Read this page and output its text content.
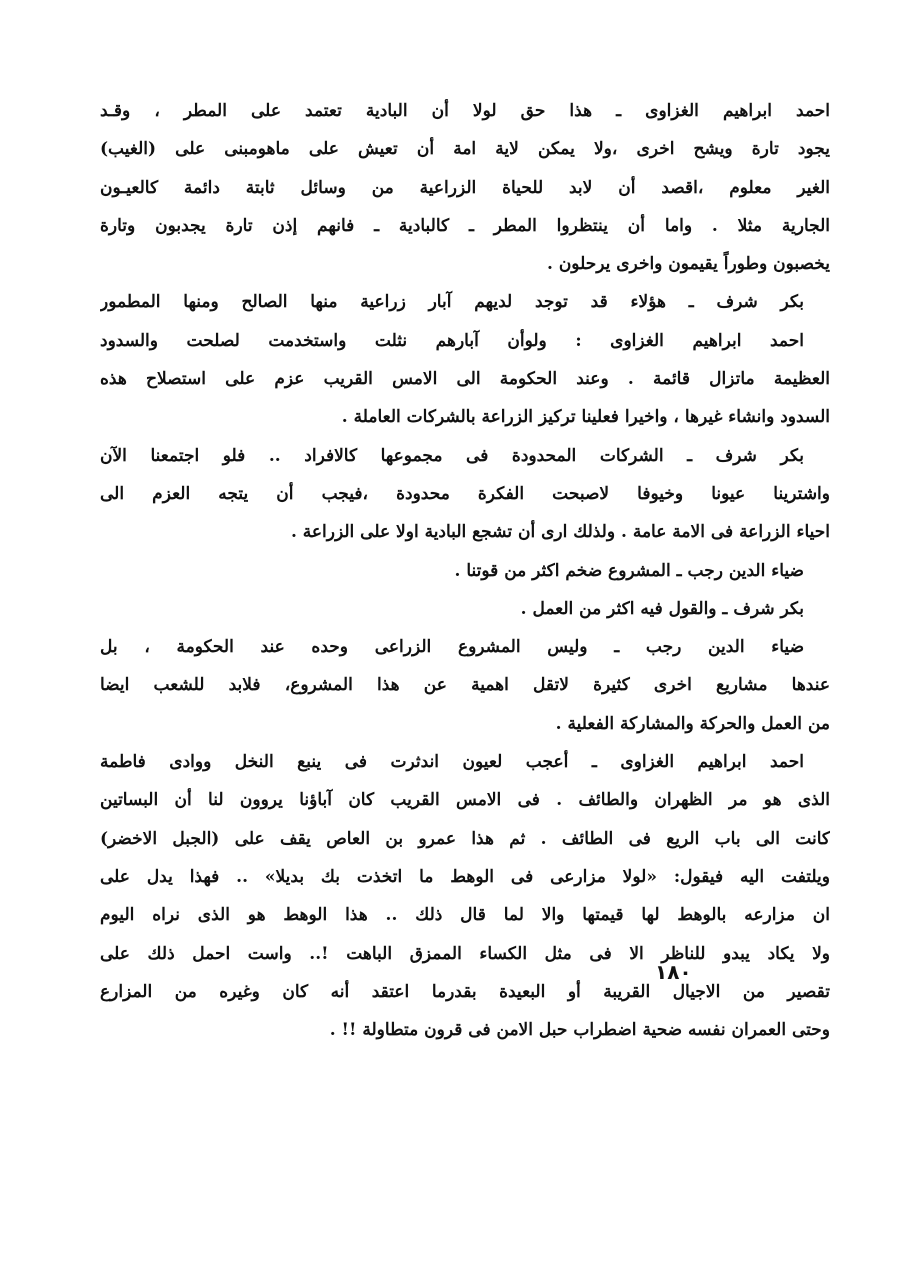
احمد ابراهيم الغزاوى ـ هذا حق لولا أن البادية تعتمد على المطر ، وقـد
يجود تارة ويشح اخرى ،ولا يمكن لاية امة أن تعيش على ماهومبنى على (الغيب)
الغير معلوم ،اقصد أن لابد للحياة الزراعية من وسائل ثابتة دائمة كالعيـون
الجارية مثلا . واما أن ينتظروا المطر ـ كالبادية ـ فانهم إذن تارة يجدبون وتارة
يخصبون وطوراً يقيمون واخرى يرحلون .
بكر شرف ـ هؤلاء قد توجد لديهم آبار زراعية منها الصالح ومنها المطمور
احمد ابراهيم الغزاوى : ولوأن آبارهم نثلت واستخدمت لصلحت والسدود
العظيمة ماتزال قائمة . وعند الحكومة الى الامس القريب عزم على استصلاح هذه
السدود وانشاء غيرها ، واخيرا فعلينا تركيز الزراعة بالشركات العاملة .
بكر شرف ـ الشركات المحدودة فى مجموعها كالافراد .. فلو اجتمعنا الآن
واشترينا عيونا وخيوفا لاصبحت الفكرة محدودة ،فيجب أن يتجه العزم الى
احياء الزراعة فى الامة عامة . ولذلك ارى أن تشجع البادية اولا على الزراعة .
ضياء الدين رجب ـ المشروع ضخم اكثر من قوتنا .
بكر شرف ـ والقول فيه اكثر من العمل .
ضياء الدين رجب ـ وليس المشروع الزراعى وحده عند الحكومة ، بل
عندها مشاريع اخرى كثيرة لاتقل اهمية عن هذا المشروع، فلابد للشعب ايضا
من العمل والحركة والمشاركة الفعلية .
احمد ابراهيم الغزاوى ـ أعجب لعيون اندثرت فى ينبع النخل ووادى فاطمة
الذى هو مر الظهران والطائف . فى الامس القريب كان آباؤنا يروون لنا أن البساتين
كانت الى باب الريع فى الطائف . ثم هذا عمرو بن العاص يقف على (الجبل الاخضر)
ويلتفت اليه فيقول: «لولا مزارعى فى الوهط ما اتخذت بك بديلا» .. فهذا يدل على
ان مزارعه بالوهط لها قيمتها والا لما قال ذلك .. هذا الوهط هو الذى نراه اليوم
ولا يكاد يبدو للناظر الا فى مثل الكساء الممزق الباهت !.. واست احمل ذلك على
تقصير من الاجيال القريبة أو البعيدة بقدرما اعتقد أنه كان وغيره من المزارع
وحتى العمران نفسه ضحية اضطراب حبل الامن فى قرون متطاولة !! .
١٨٠
